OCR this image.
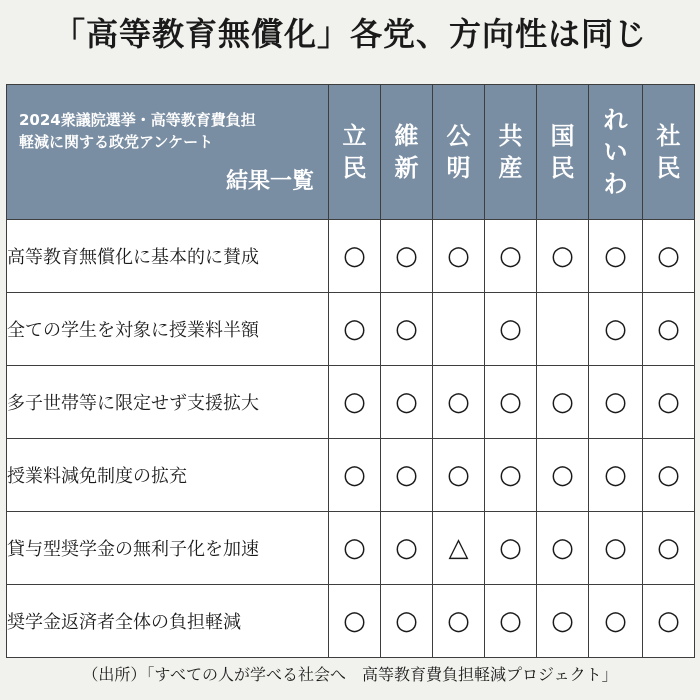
「高等教育無償化」各党、方向性は同じ
2024衆議院選挙・高等教育費負担
軽減に関する政党アンケート
結果一覧	立民	維新	公明	共産	国民	れいわ	社民
高等教育無償化に基本的に賛成	○	○	○	○	○	○	○
全ての学生を対象に授業料半額	○	○		○		○	○
多子世帯等に限定せず支援拡大	○	○	○	○	○	○	○
授業料減免制度の拡充	○	○	○	○	○	○	○
貸与型奨学金の無利子化を加速	○	○	△	○	○	○	○
奨学金返済者全体の負担軽減	○	○	○	○	○	○	○
（出所）「すべての人が学べる社会へ　高等教育費負担軽減プロジェクト」
